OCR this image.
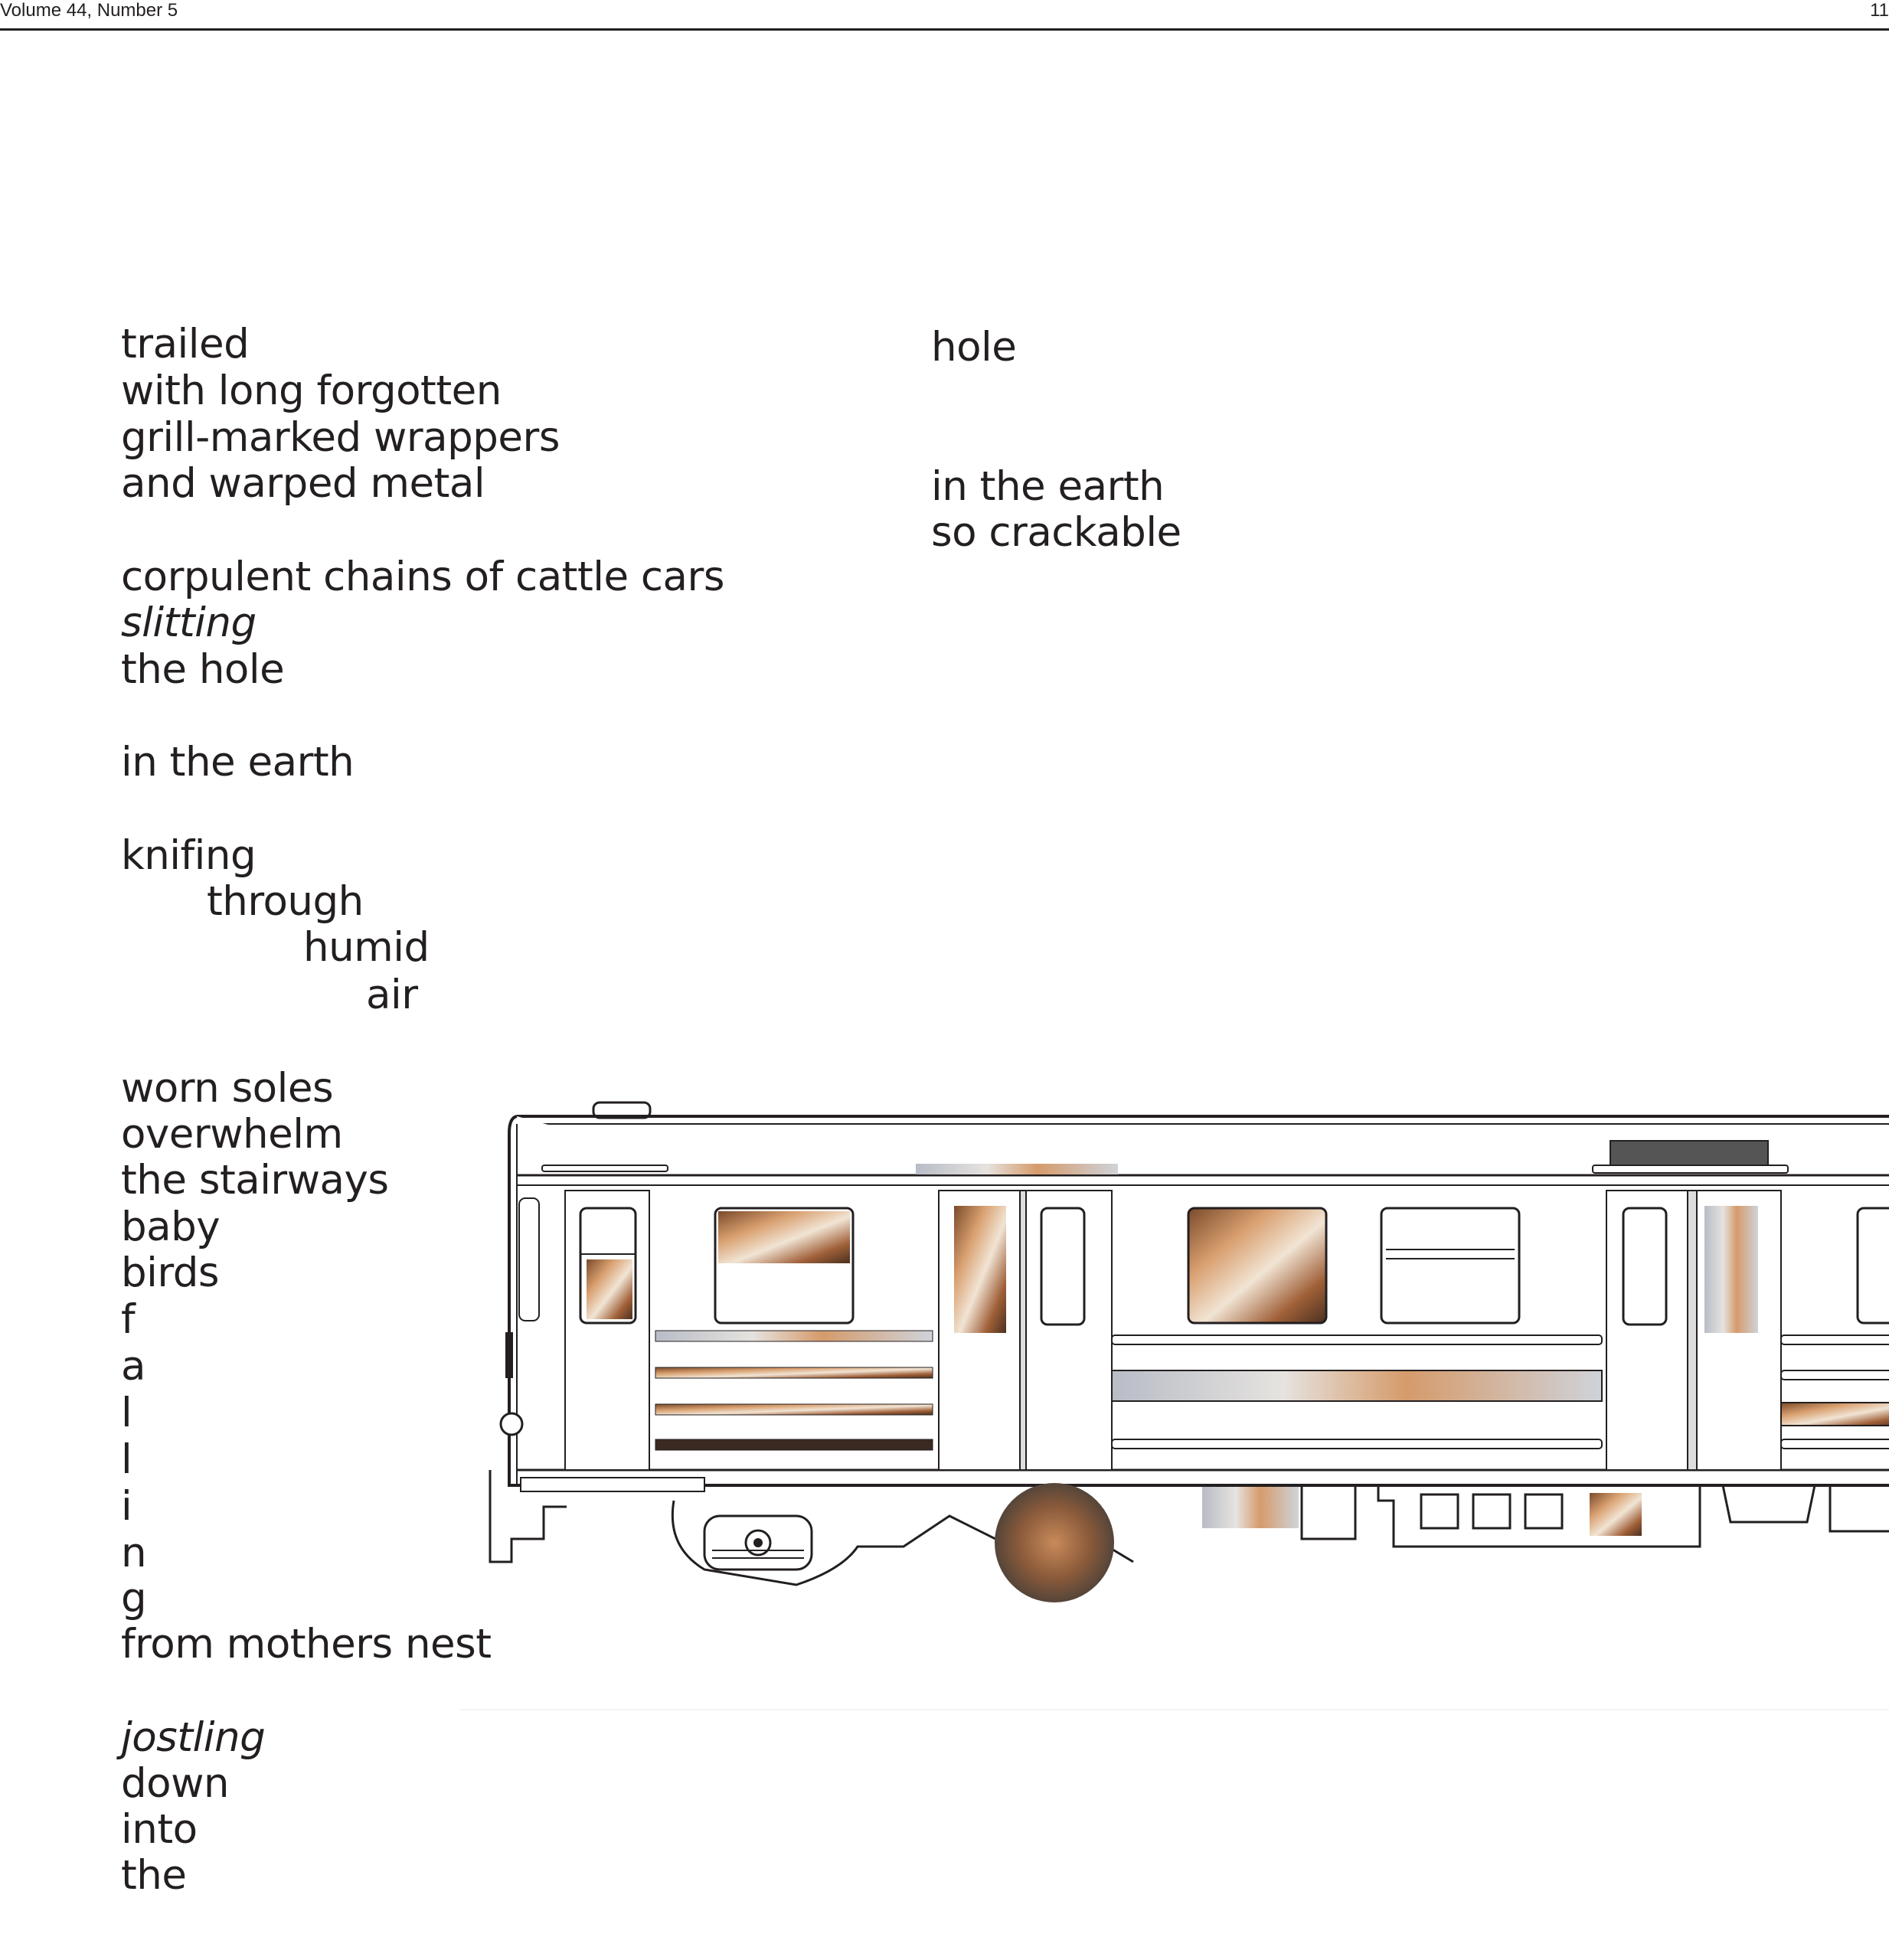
Volume 44, Number 5	11
trailed
with long forgotten
grill-marked wrappers
and warped metal
corpulent chains of cattle cars
slitting
the hole
in the earth
knifing
through
humid
air
worn soles
overwhelm
the stairways
baby
birds
f
a
l
l
i
n
g
from mothers nest
jostling
down
into
the
hole
in the earth
so crackable
